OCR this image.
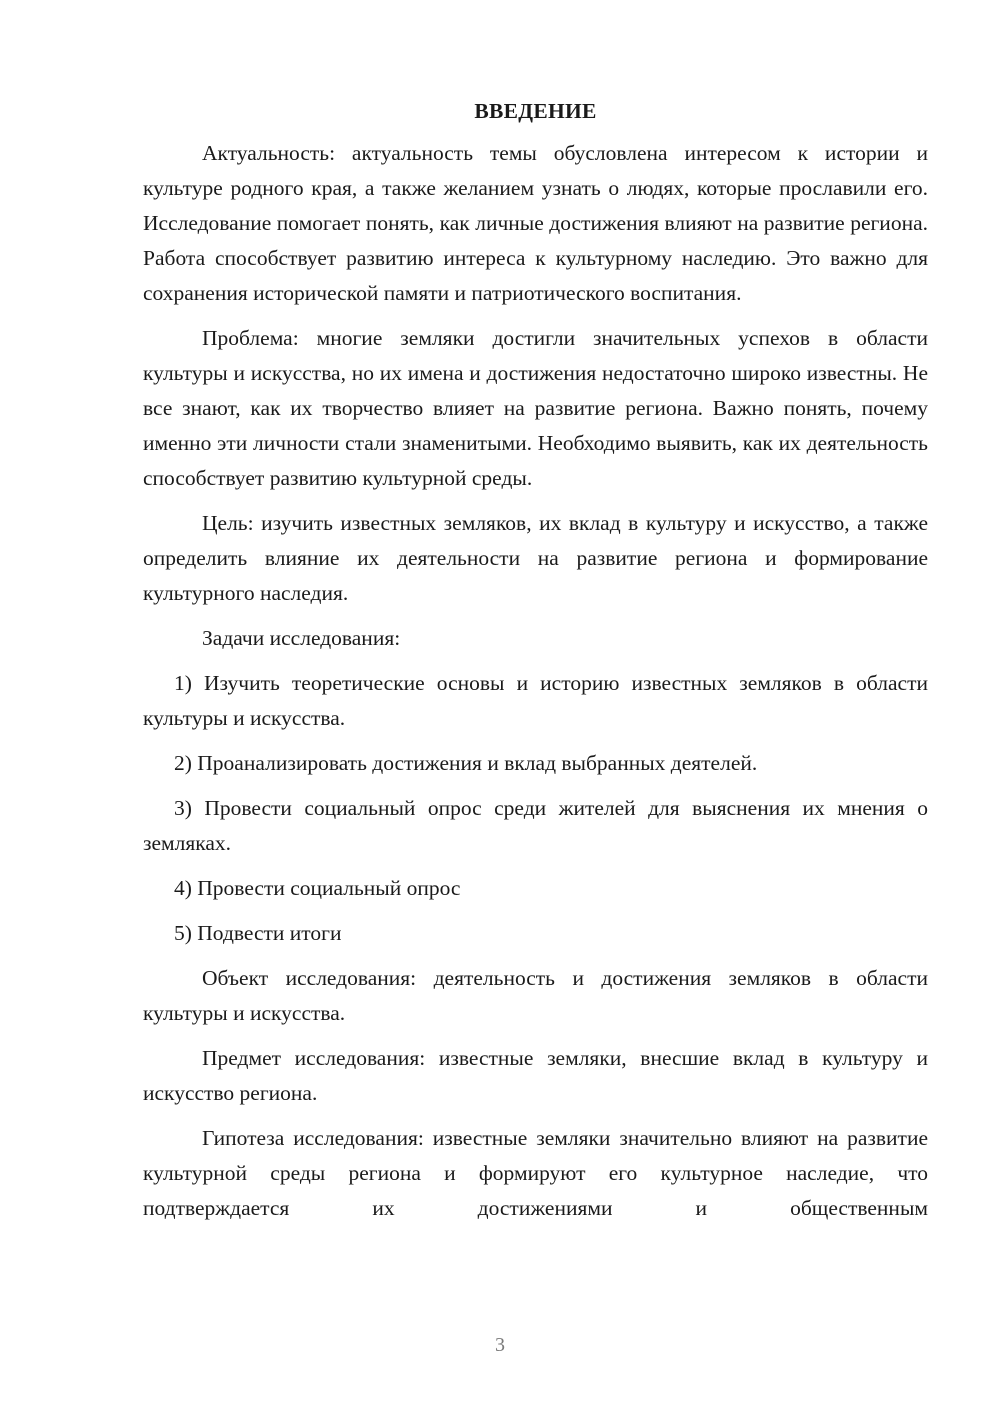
ВВЕДЕНИЕ
Актуальность: актуальность темы обусловлена интересом к истории и культуре родного края, а также желанием узнать о людях, которые прославили его. Исследование помогает понять, как личные достижения влияют на развитие региона. Работа способствует развитию интереса к культурному наследию. Это важно для сохранения исторической памяти и патриотического воспитания.
Проблема: многие земляки достигли значительных успехов в области культуры и искусства, но их имена и достижения недостаточно широко известны. Не все знают, как их творчество влияет на развитие региона. Важно понять, почему именно эти личности стали знаменитыми. Необходимо выявить, как их деятельность способствует развитию культурной среды.
Цель: изучить известных земляков, их вклад в культуру и искусство, а также определить влияние их деятельности на развитие региона и формирование культурного наследия.
Задачи исследования:
1) Изучить теоретические основы и историю известных земляков в области культуры и искусства.
2) Проанализировать достижения и вклад выбранных деятелей.
3) Провести социальный опрос среди жителей для выяснения их мнения о земляках.
4) Провести социальный опрос
5) Подвести итоги
Объект исследования: деятельность и достижения земляков в области культуры и искусства.
Предмет исследования: известные земляки, внесшие вклад в культуру и искусство региона.
Гипотеза исследования: известные земляки значительно влияют на развитие культурной среды региона и формируют его культурное наследие, что подтверждается их достижениями и общественным
3
